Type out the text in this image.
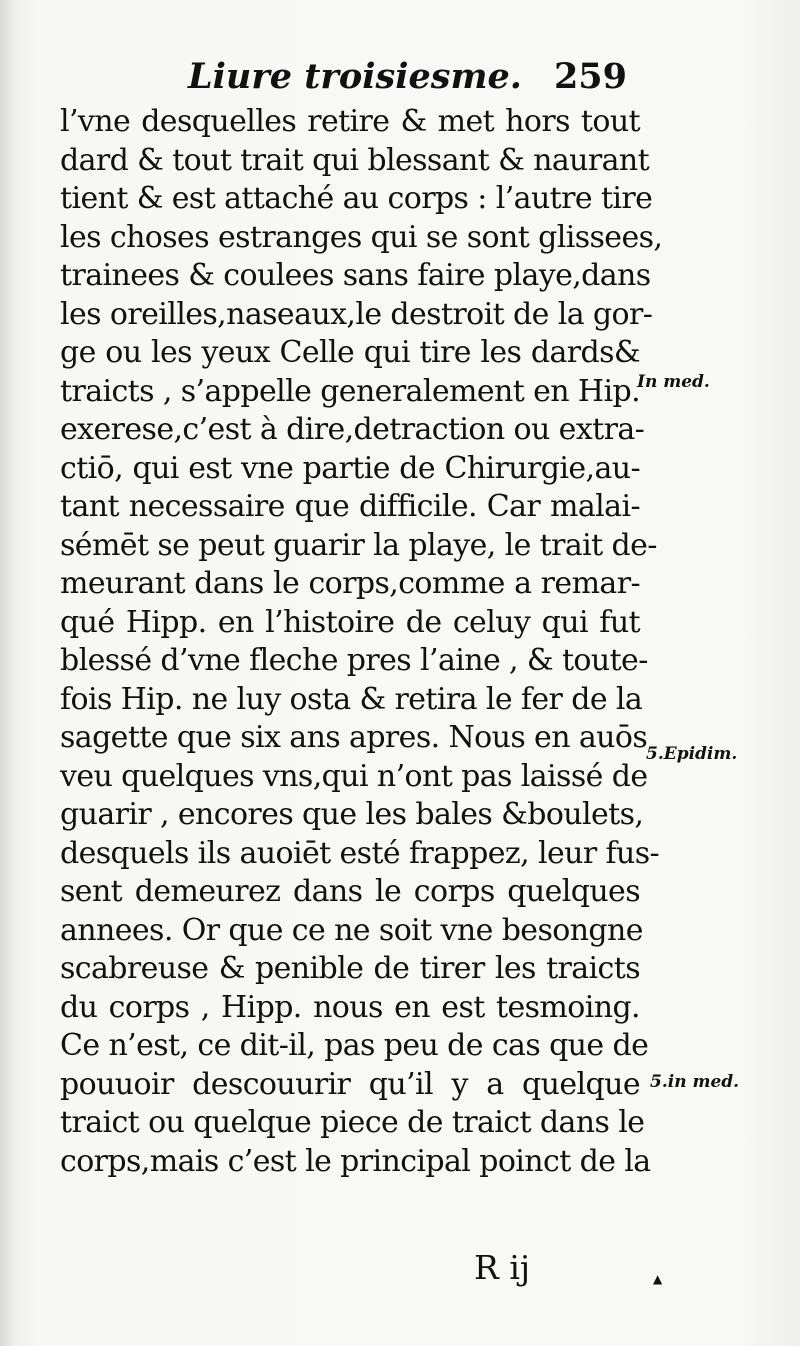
Liure troisiesme. 259
l’vne desquelles retire & met hors tout
dard & tout trait qui blessant & naurant
tient & est attaché au corps : l’autre tire
les choses estranges qui se sont glissees,
trainees & coulees sans faire playe,dans
les oreilles,naseaux,le destroit de la gor-
ge ou les yeux Celle qui tire les dards&
traicts , s’appelle generalement en Hip.
exerese,c’est à dire,detraction ou extra-
ctiō, qui est vne partie de Chirurgie,au-
tant necessaire que difficile. Car malai-
sémēt se peut guarir la playe, le trait de-
meurant dans le corps,comme a remar-
qué Hipp. en l’histoire de celuy qui fut
blessé d’vne fleche pres l’aine , & toute-
fois Hip. ne luy osta & retira le fer de la
sagette que six ans apres. Nous en auōs
veu quelques vns,qui n’ont pas laissé de
guarir , encores que les bales &boulets,
desquels ils auoiēt esté frappez, leur fus-
sent demeurez dans le corps quelques
annees. Or que ce ne soit vne besongne
scabreuse & penible de tirer les traicts
du corps , Hipp. nous en est tesmoing.
Ce n’est, ce dit-il, pas peu de cas que de
pouuoir descouurir qu’il y a quelque
traict ou quelque piece de traict dans le
corps,mais c’est le principal poinct de la
In med.
5.Epidim.
5.in med.
R ij	▲
